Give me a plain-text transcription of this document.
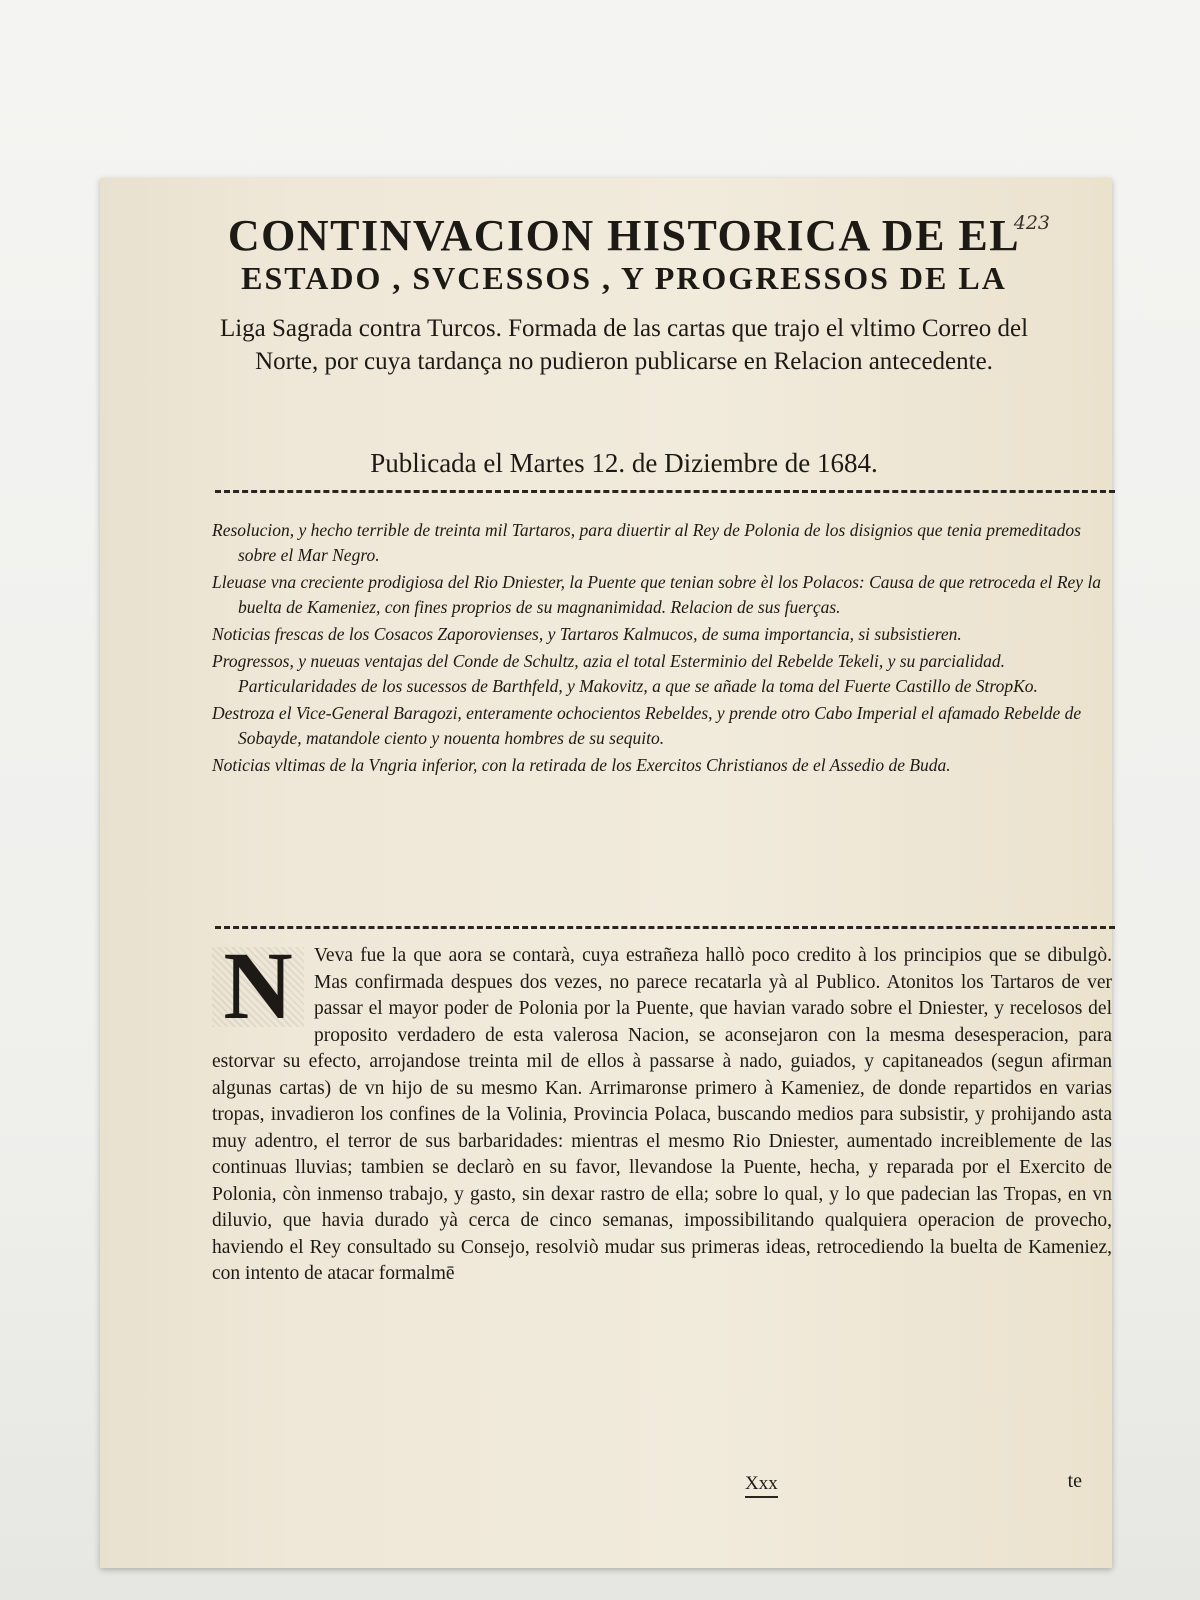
423
CONTINVACION HISTORICA DE EL
ESTADO , SVCESSOS , Y PROGRESSOS DE LA

Liga Sagrada contra Turcos. Formada de las cartas que trajo el vltimo Correo del Norte, por cuya tardança no pudieron publicarse en Relacion antecedente.

Publicada el Martes 12. de Diziembre de 1684.

Resolucion, y hecho terrible de treinta mil Tartaros, para diuertir al Rey de Polonia de los disignios que tenia premeditados sobre el Mar Negro.
Lleuase vna creciente prodigiosa del Rio Dniester, la Puente que tenian sobre èl los Polacos: Causa de que retroceda el Rey la buelta de Kameniez, con fines proprios de su magnanimidad. Relacion de sus fuerças.
Noticias frescas de los Cosacos Zaporovienses, y Tartaros Kalmucos, de suma importancia, si subsistieren.
Progressos, y nueuas ventajas del Conde de Schultz, azia el total Esterminio del Rebelde Tekeli, y su parcialidad. Particularidades de los sucessos de Barthfeld, y Makovitz, a que se añade la toma del Fuerte Castillo de StropKo.
Destroza el Vice-General Baragozi, enteramente ochocientos Rebeldes, y prende otro Cabo Imperial el afamado Rebelde de Sobayde, matandole ciento y nouenta hombres de su sequito.
Noticias vltimas de la Vngria inferior, con la retirada de los Exercitos Christianos de el Assedio de Buda.
N	Veva fue la que aora se contarà, cuya estrañeza hallò poco credito à los principios que se dibulgò. Mas confirmada despues dos vezes, no parece recatarla yà al Publico. Atonitos los Tartaros de ver passar el mayor poder de Polonia por la Puente, que havian varado sobre el Dniester, y recelosos del proposito verdadero de esta valerosa Nacion, se aconsejaron con la mesma desesperacion, para estorvar su efecto, arrojandose treinta mil de ellos à passarse à nado, guiados, y capitaneados (segun afirman algunas cartas) de vn hijo de su mesmo Kan. Arrimaronse primero à Kameniez, de donde repartidos en varias tropas, invadieron los confines de la Volinia, Provincia Polaca, buscando medios para subsistir, y prohijando asta muy adentro, el terror de sus barbaridades: mientras el mesmo Rio Dniester, aumentado increiblemente de las continuas lluvias; tambien se declarò en su favor, llevandose la Puente, hecha, y reparada por el Exercito de Polonia, còn inmenso trabajo, y gasto, sin dexar rastro de ella; sobre lo qual, y lo que padecian las Tropas, en vn diluvio, que havia durado yà cerca de cinco semanas, impossibilitando qualquiera operacion de provecho, haviendo el Rey consultado su Consejo, resolviò mudar sus primeras ideas, retrocediendo la buelta de Kameniez, con intento de atacar formalmē
Xxx	te
